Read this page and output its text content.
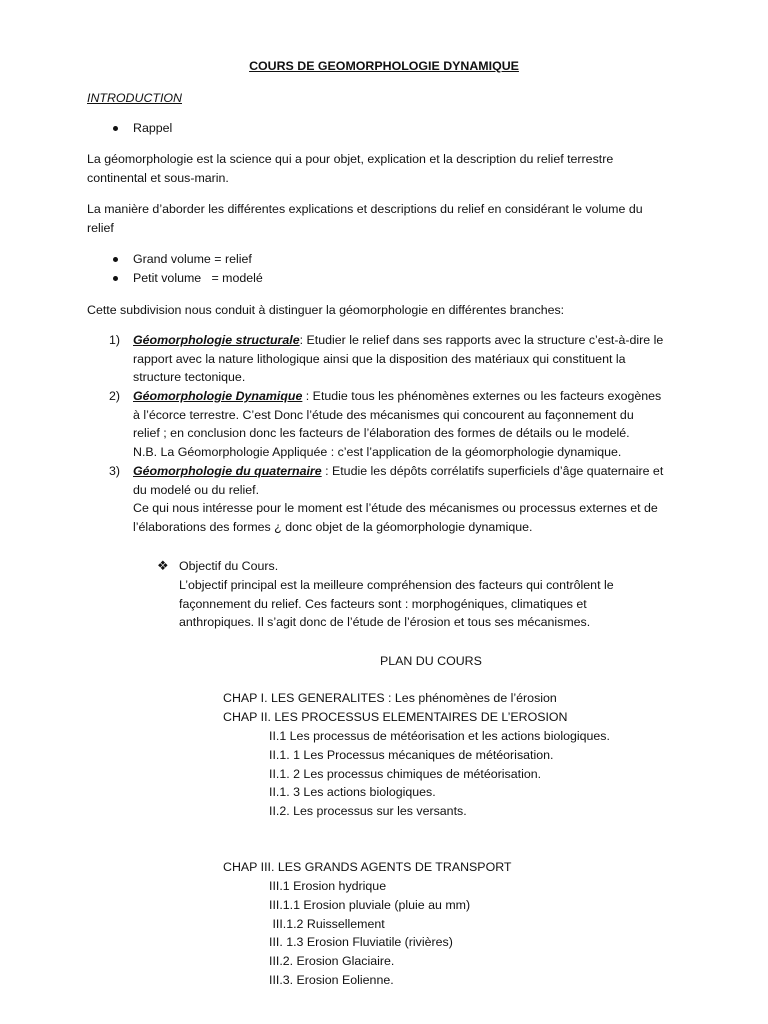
COURS DE GEOMORPHOLOGIE DYNAMIQUE
INTRODUCTION
Rappel
La géomorphologie est la science qui a pour objet, explication et la description du relief terrestre
continental et sous-marin.
La manière d’aborder les différentes explications et descriptions du relief en considérant le volume du
relief
Grand volume = relief
Petit volume   = modelé
Cette subdivision nous conduit à distinguer la géomorphologie en différentes branches:
1) Géomorphologie structurale: Etudier le relief dans ses rapports avec la structure c’est-à-dire le
rapport avec la nature lithologique ainsi que la disposition des matériaux qui constituent la
structure tectonique.
2) Géomorphologie Dynamique : Etudie tous les phénomènes externes ou les facteurs exogènes
à l’écorce terrestre. C’est Donc l’étude des mécanismes qui concourent au façonnement du
relief ; en conclusion donc les facteurs de l’élaboration des formes de détails ou le modelé.
N.B. La Géomorphologie Appliquée : c’est l’application de la géomorphologie dynamique.
3) Géomorphologie du quaternaire : Etudie les dépôts corrélatifs superficiels d’âge quaternaire et
du modelé ou du relief.
Ce qui nous intéresse pour le moment est l’étude des mécanismes ou processus externes et de
l’élaborations des formes ¿ donc objet de la géomorphologie dynamique.
❖ Objectif du Cours.
L’objectif principal est la meilleure compréhension des facteurs qui contrôlent le
façonnement du relief. Ces facteurs sont : morphogéniques, climatiques et
anthropiques. Il s’agit donc de l’étude de l’érosion et tous ses mécanismes.
PLAN DU COURS
CHAP I. LES GENERALITES : Les phénomènes de l’érosion
CHAP II. LES PROCESSUS ELEMENTAIRES DE L’EROSION
II.1 Les processus de météorisation et les actions biologiques.
II.1. 1 Les Processus mécaniques de météorisation.
II.1. 2 Les processus chimiques de météorisation.
II.1. 3 Les actions biologiques.
II.2. Les processus sur les versants.
CHAP III. LES GRANDS AGENTS DE TRANSPORT
III.1 Erosion hydrique
III.1.1 Erosion pluviale (pluie au mm)
III.1.2 Ruissellement
III. 1.3 Erosion Fluviatile (rivières)
III.2. Erosion Glaciaire.
III.3. Erosion Eolienne.
